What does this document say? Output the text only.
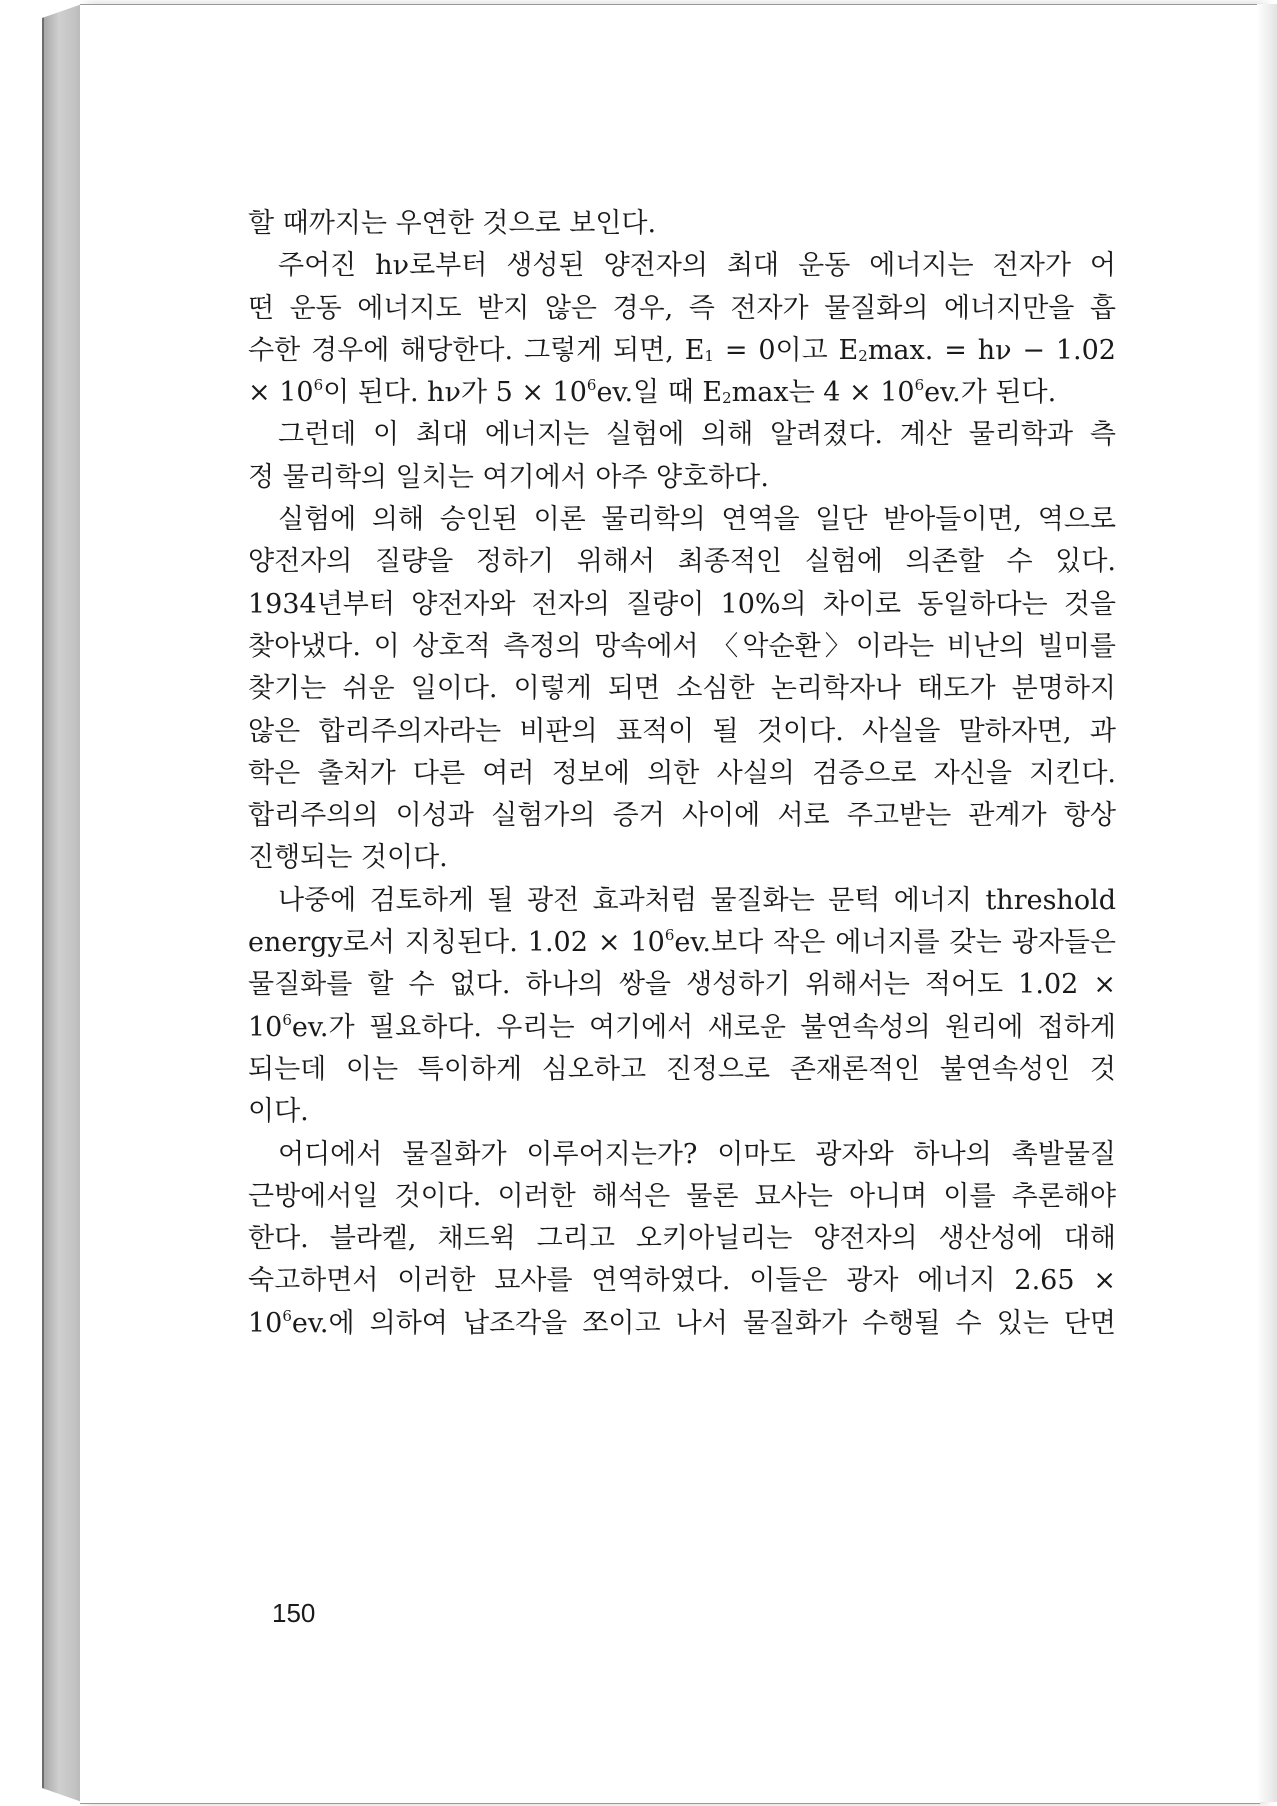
할 때까지는 우연한 것으로 보인다.
주어진 hν로부터 생성된 양전자의 최대 운동 에너지는 전자가 어
떤 운동 에너지도 받지 않은 경우, 즉 전자가 물질화의 에너지만을 흡
수한 경우에 해당한다. 그렇게 되면, $E_1 = 0$이고 $E_2\max$. = hν − 1.02
× $10^6$이 된다. hν가 $5 \times 10^6ev$.일 때 $E_2\max$는 $4 \times 10^6ev$.가 된다.
그런데 이 최대 에너지는 실험에 의해 알려졌다. 계산 물리학과 측
정 물리학의 일치는 여기에서 아주 양호하다.
실험에 의해 승인된 이론 물리학의 연역을 일단 받아들이면, 역으로
양전자의 질량을 정하기 위해서 최종적인 실험에 의존할 수 있다.
1934년부터 양전자와 전자의 질량이 10%의 차이로 동일하다는 것을
찾아냈다. 이 상호적 측정의 망속에서 〈악순환〉이라는 비난의 빌미를
찾기는 쉬운 일이다. 이렇게 되면 소심한 논리학자나 태도가 분명하지
않은 합리주의자라는 비판의 표적이 될 것이다. 사실을 말하자면, 과
학은 출처가 다른 여러 정보에 의한 사실의 검증으로 자신을 지킨다.
합리주의의 이성과 실험가의 증거 사이에 서로 주고받는 관계가 항상
진행되는 것이다.
나중에 검토하게 될 광전 효과처럼 물질화는 문턱 에너지 threshold
energy로서 지칭된다. $1.02 \times 10^6ev$.보다 작은 에너지를 갖는 광자들은
물질화를 할 수 없다. 하나의 쌍을 생성하기 위해서는 적어도 1.02 ×
$10^6ev$.가 필요하다. 우리는 여기에서 새로운 불연속성의 원리에 접하게
되는데 이는 특이하게 심오하고 진정으로 존재론적인 불연속성인 것
이다.
어디에서 물질화가 이루어지는가? 이마도 광자와 하나의 촉발물질
근방에서일 것이다. 이러한 해석은 물론 묘사는 아니며 이를 추론해야
한다. 블라켙, 채드윅 그리고 오키아닐리는 양전자의 생산성에 대해
숙고하면서 이러한 묘사를 연역하였다. 이들은 광자 에너지 2.65 ×
$10^6ev$.에 의하여 납조각을 쪼이고 나서 물질화가 수행될 수 있는 단면
150
